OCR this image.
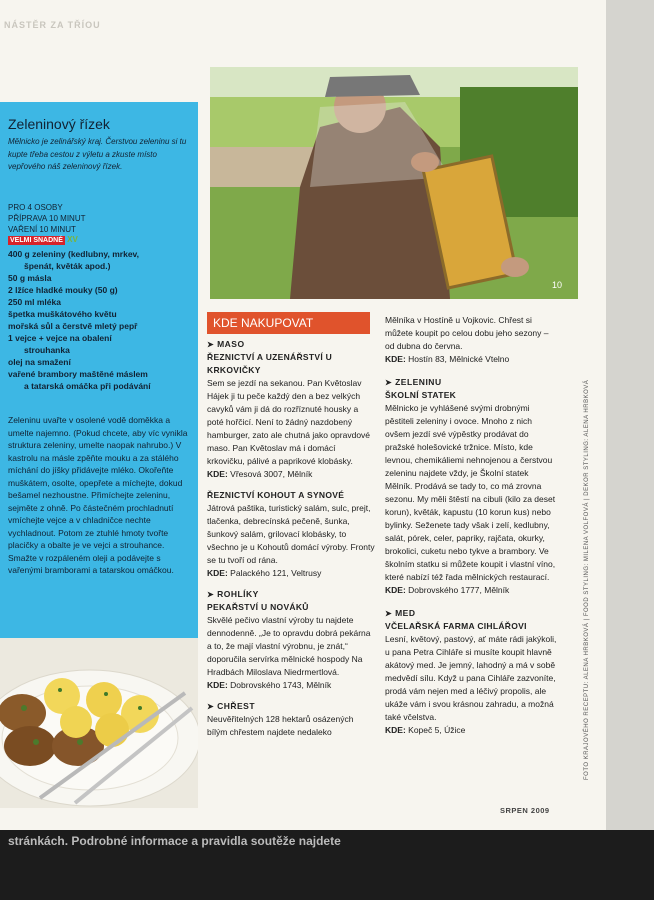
NÁSTĚR ZA TŘÍOU
Zeleninový řízek
Mělnicko je zelinářský kraj. Čerstvou zeleninu si tu kupte třeba cestou z výletu a zkuste místo vepřového náš zeleninový řízek.
PRO 4 OSOBY
PŘÍPRAVA 10 MINUT
VAŘENÍ 10 MINUT
VELMI SNADNÉ XV
400 g zeleniny (kedlubny, mrkev,
špenát, květák apod.)
50 g másla
2 lžíce hladké mouky (50 g)
250 ml mléka
špetka muškátového květu
mořská sůl a čerstvě mletý pepř
1 vejce + vejce na obalení
strouhanka
olej na smažení
vařené brambory maštěné máslem
a tatarská omáčka při podávání
Zeleninu uvařte v osolené vodě doměkka a umelte najemno. (Pokud chcete, aby víc vynikla struktura zeleniny, umelte naopak nahrubo.) V kastrolu na másle zpěňte mouku a za stálého míchání do jíšky přidávejte mléko. Okořeňte muškátem, osolte, opepřete a míchejte, dokud bešamel nezhoustne. Přimíchejte zeleninu, sejměte z ohně. Po částečném prochladnutí vmíchejte vejce a v chladničce nechte vychladnout. Potom ze ztuhlé hmoty tvořte placičky a obalte je ve vejci a strouhance. Smažte v rozpáleném oleji a podávejte s vařenými bramborami a tatarskou omáčkou.
10
KDE NAKUPOVAT
➤ MASO
ŘEZNICTVÍ A UZENÁŘSTVÍ U KRKOVIČKY
Sem se jezdí na sekanou. Pan Květoslav Hájek ji tu peče každý den a bez velkých cavyků vám ji dá do rozříznuté housky a poté hořčicí. Není to žádný nazdobený hamburger, zato ale chutná jako opravdové maso. Pan Květoslav má i domácí krkovičku, pálivé a paprikové klobásky.
KDE: Vřesová 3007, Mělník
ŘEZNICTVÍ KOHOUT A SYNOVÉ
Játrová paštika, turistický salám, sulc, prejt, tlačenka, debrecínská pečeně, šunka, šunkový salám, grilovací klobásky, to všechno je u Kohoutů domácí výroby. Fronty se tu tvoří od rána.
KDE: Palackého 121, Veltrusy
➤ ROHLÍKY
PEKAŘSTVÍ U NOVÁKŮ
Skvělé pečivo vlastní výroby tu najdete dennodenně. „Je to opravdu dobrá pekárna a to, že mají vlastní výrobnu, je znát,“ doporučila servírka mělnické hospody Na Hradbách Miloslava Niedrmertlová.
KDE: Dobrovského 1743, Mělník
➤ CHŘEST
Neuvěřitelných 128 hektarů osázených bílým chřestem najdete nedaleko
Mělníka v Hostíně u Vojkovic. Chřest si můžete koupit po celou dobu jeho sezony – od dubna do června.
KDE: Hostín 83, Mělnické Vtelno
➤ ZELENINU
ŠKOLNÍ STATEK
Mělnicko je vyhlášené svými drobnými pěstiteli zeleniny i ovoce. Mnoho z nich ovšem jezdí své výpěstky prodávat do pražské holešovické tržnice. Místo, kde levnou, chemikáliemi nehnojenou a čerstvou zeleninu najdete vždy, je Školní statek Mělník. Prodává se tady to, co má zrovna sezonu. My měli štěstí na cibuli (kilo za deset korun), květák, kapustu (10 korun kus) nebo bylinky. Seženete tady však i zelí, kedlubny, salát, pórek, celer, papriky, rajčata, okurky, brokolici, cuketu nebo tykve a brambory. Ve školním statku si můžete koupit i vlastní víno, které nabízí též řada mělnických restaurací.
KDE: Dobrovského 1777, Mělník
➤ MED
VČELAŘSKÁ FARMA CIHLÁŘOVI
Lesní, květový, pastový, ať máte rádi jakýkoli, u pana Petra Cihláře si musíte koupit hlavně akátový med. Je jemný, lahodný a má v sobě medvědí sílu. Když u pana Cihláře zazvoníte, prodá vám nejen med a léčivý propolis, ale ukáže vám i svou krásnou zahradu, a možná také včelstva.
KDE: Kopeč 5, Úžice	FOTO KRAJOVÉHO RECEPTU: ALENA HRBKOVÁ | FOOD STYLING: MILENA VOLFOVÁ | DEKOR STYLING: ALENA HRBKOVÁ
SRPEN 2009
stránkách. Podrobné informace a pravidla soutěže najdete
